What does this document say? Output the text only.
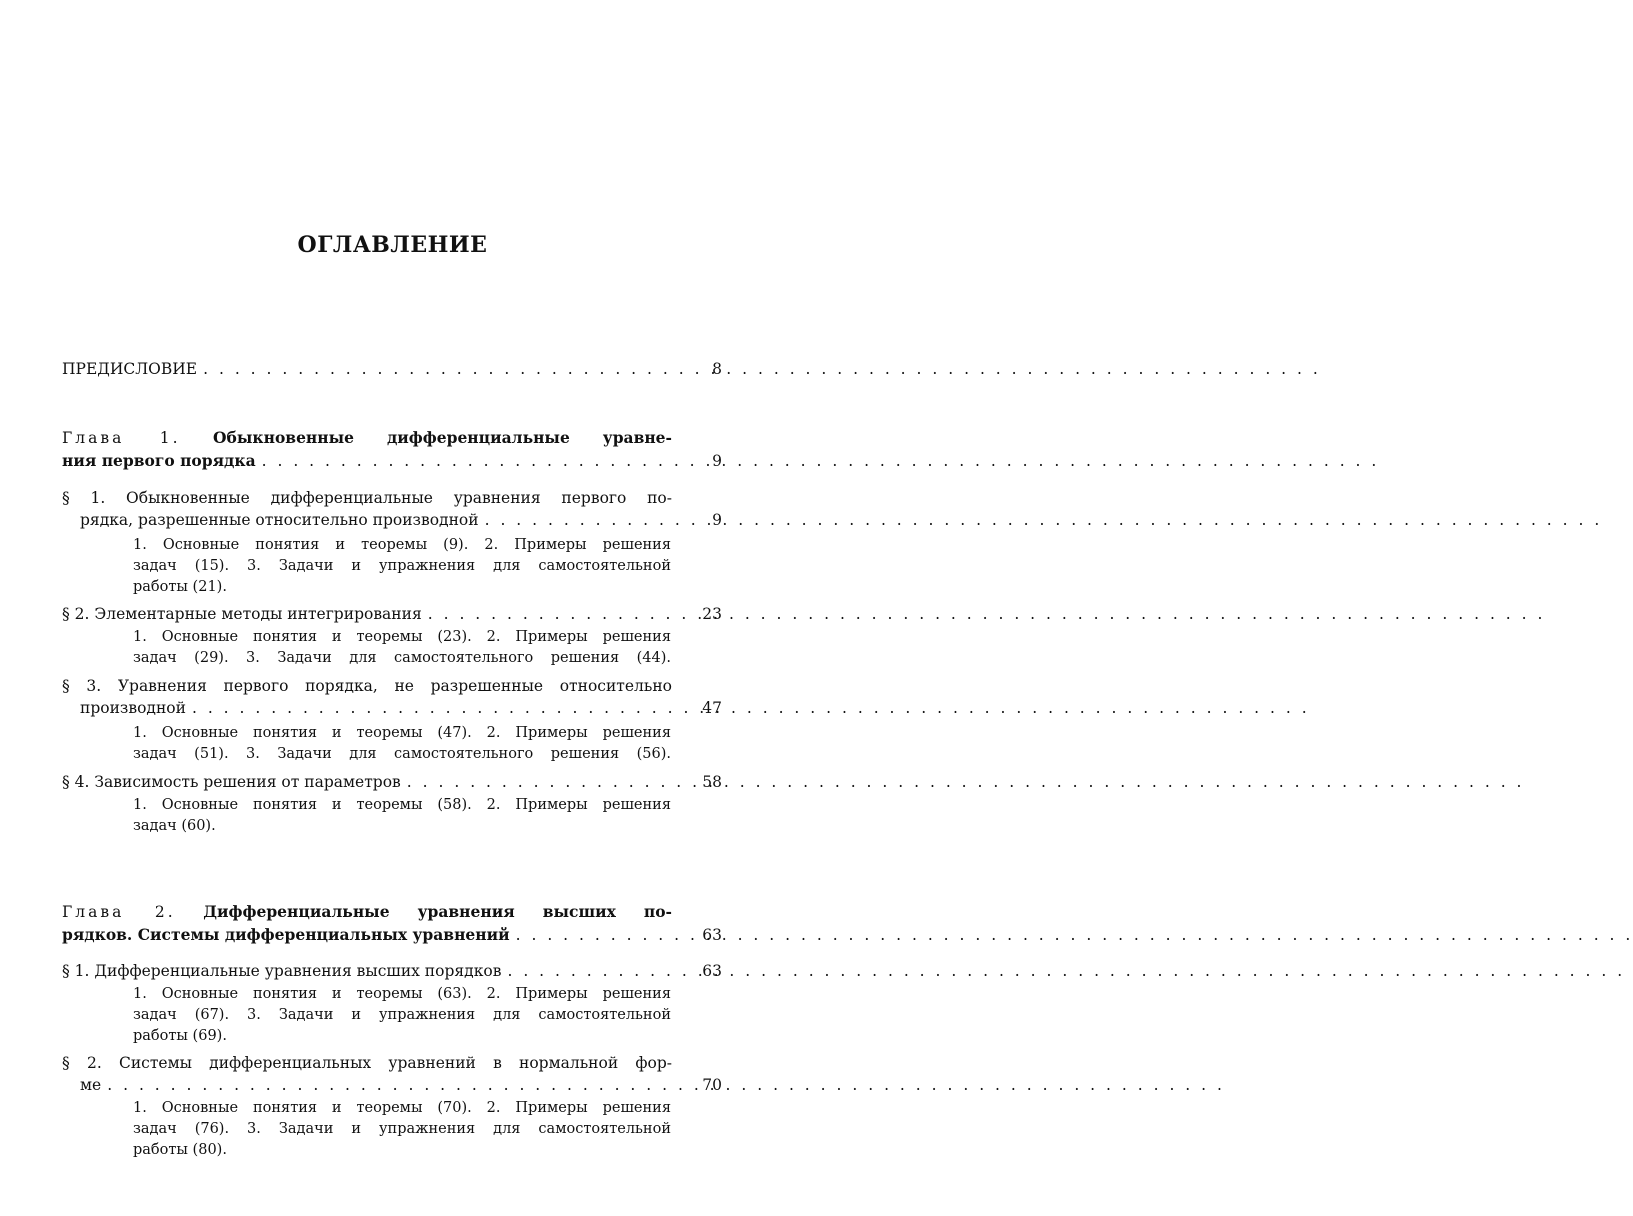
ОГЛАВЛЕНИЕ
ПРЕДИСЛОВИЕ . . .	8
Глава 1. Обыкновенные дифференциальные уравне-
ния первого порядка . . .	9
§ 1. Обыкновенные дифференциальные уравнения первого по-
рядка, разрешенные относительно производной . . .	9
1. Основные понятия и теоремы (9). 2. Примеры решения
задач (15). 3. Задачи и упражнения для самостоятельной
работы (21).
§ 2. Элементарные методы интегрирования . . .	23
1. Основные понятия и теоремы (23). 2. Примеры решения
задач (29). 3. Задачи для самостоятельного решения (44).
§ 3. Уравнения первого порядка, не разрешенные относительно
производной . . .	47
1. Основные понятия и теоремы (47). 2. Примеры решения
задач (51). 3. Задачи для самостоятельного решения (56).
§ 4. Зависимость решения от параметров . . .	58
1. Основные понятия и теоремы (58). 2. Примеры решения
задач (60).
Глава 2. Дифференциальные уравнения высших по-
рядков. Системы дифференциальных уравнений . . .	63
§ 1. Дифференциальные уравнения высших порядков . . .	63
1. Основные понятия и теоремы (63). 2. Примеры решения
задач (67). 3. Задачи и упражнения для самостоятельной
работы (69).
§ 2. Системы дифференциальных уравнений в нормальной фор-
ме . . .	70
1. Основные понятия и теоремы (70). 2. Примеры решения
задач (76). 3. Задачи и упражнения для самостоятельной
работы (80).
